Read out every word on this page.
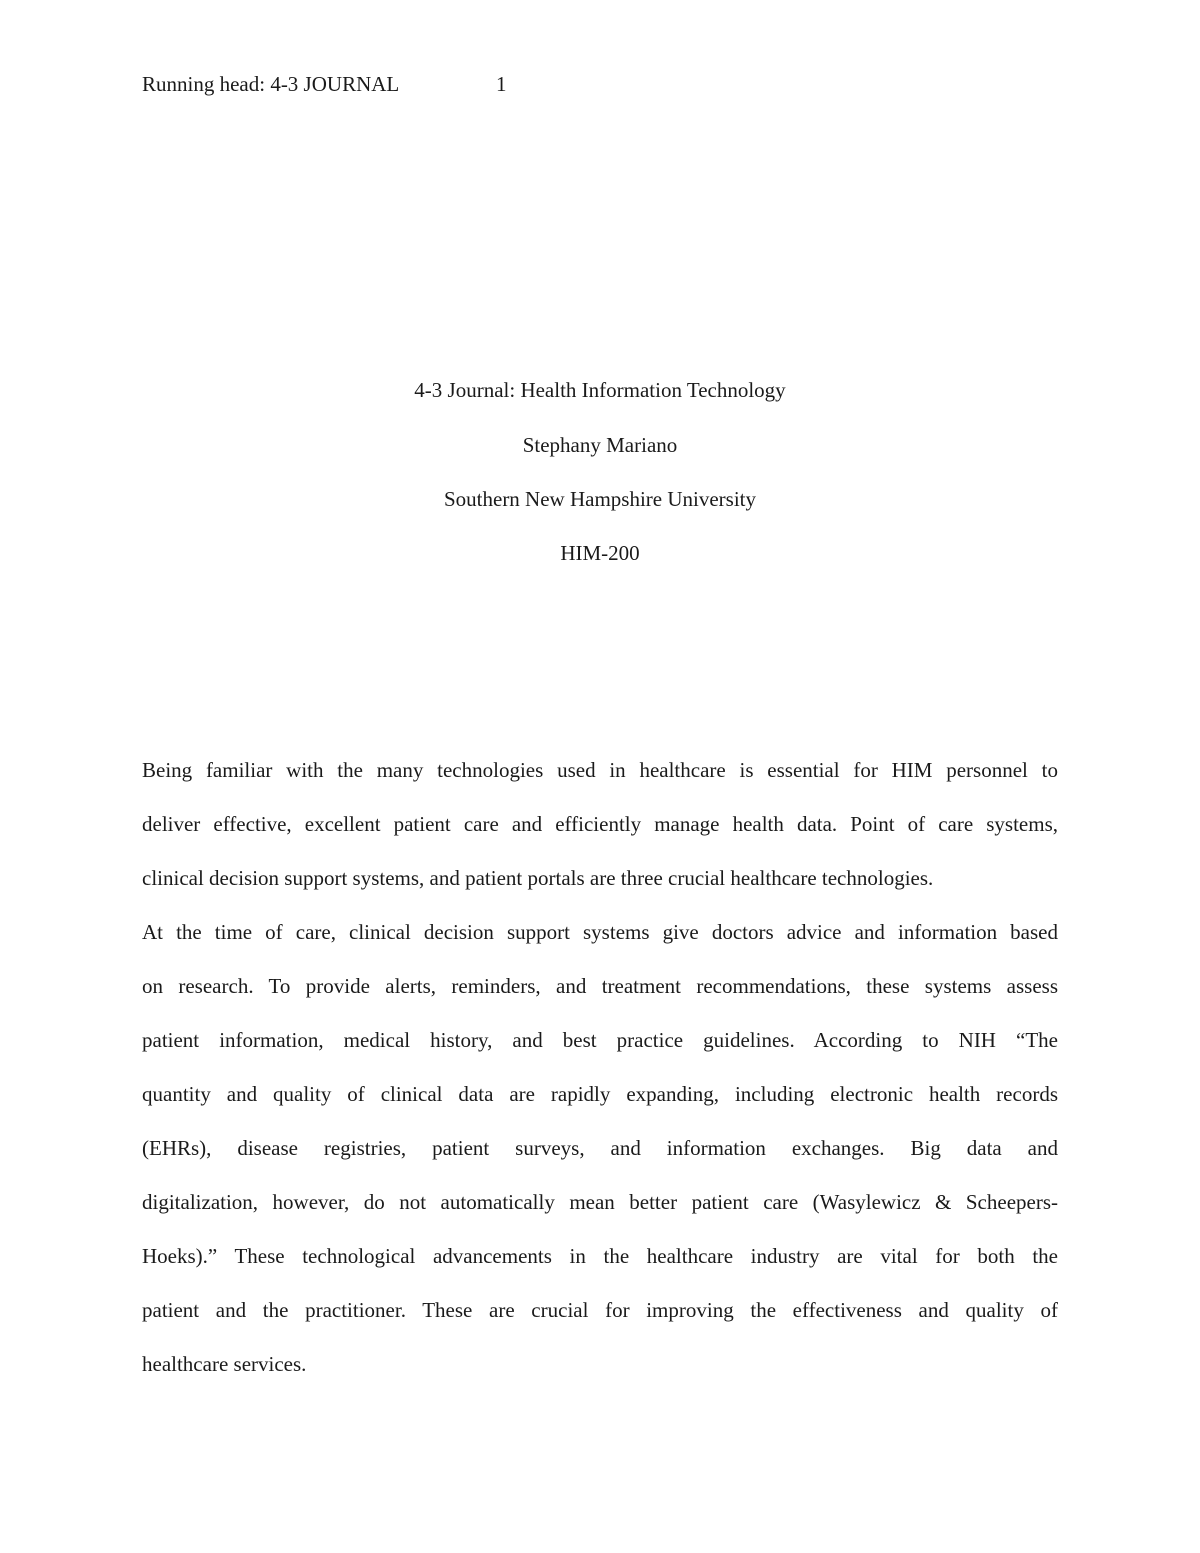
Running head: 4-3 JOURNAL	1
4-3 Journal: Health Information Technology
Stephany Mariano
Southern New Hampshire University
HIM-200
Being familiar with the many technologies used in healthcare is essential for HIM personnel to
deliver effective, excellent patient care and efficiently manage health data. Point of care systems,
clinical decision support systems, and patient portals are three crucial healthcare technologies.
At the time of care, clinical decision support systems give doctors advice and information based
on research. To provide alerts, reminders, and treatment recommendations, these systems assess
patient information, medical history, and best practice guidelines. According to NIH “The
quantity and quality of clinical data are rapidly expanding, including electronic health records
(EHRs), disease registries, patient surveys, and information exchanges. Big data and
digitalization, however, do not automatically mean better patient care (Wasylewicz & Scheepers-
Hoeks).” These technological advancements in the healthcare industry are vital for both the
patient and the practitioner. These are crucial for improving the effectiveness and quality of
healthcare services.
